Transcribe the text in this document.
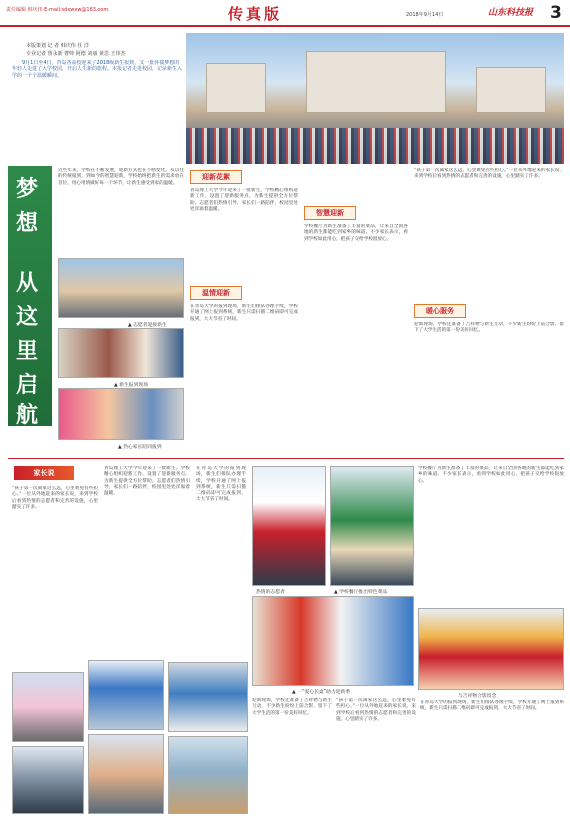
责任编辑 韩庆伟 E-mail:sdxwxw@163.com	传真版	2018年9月14日	山东科技报 3
本版策划 记 者 韩庆伟 任 洋
专业记者 鲁永新 曹帅 阿德 刘丽 黄思 王伟杰
9月1日至4日，青岛各高校迎来了2018级新生报到，又一批怀揣梦想的年轻人走进了大学校园，开启人生新的旅程。本报记者走进校园，记录新生入学的一个个温暖瞬间。
梦
想
从
这
里
启
航
近些年来，学校在不断发展，迎新方式也在不断变化。从以往的传统报到，到如今的智慧迎新，学校始终把新生的需求放在首位，用心用情做好每一个环节，让新生感受到家的温暖。
▲ 志愿者迎接新生
▲ 新生报到现场
▲ 热心家长陪同报到
迎新花絮
青岛理工大学今年迎来了一批新生。学校精心组织迎新工作，设置了迎新服务点，为新生提供全方位帮助。志愿者们热情引导，家长们一路陪伴，校园里处处洋溢着温暖。
温情迎新
在青岛大学的报到现场，新生们排队办理手续，学校开通了网上报到系统，新生只需扫描二维码即可完成报到，大大节省了时间。
智慧迎新
学校餐厅为新生准备了丰富的菜品，让来自全国各地的新生都能吃到家乡的味道。不少家长表示，看到学校如此用心，把孩子交给学校很放心。
“孩子第一次离家这么远，心里难免有些担心。”一位从外地赶来的家长说，来到学校后看到热情的志愿者和完善的设施，心里踏实了许多。
暖心服务
迎新现场，学校还准备了吉祥物与新生互动，不少新生纷纷上前合影，留下了大学生活的第一份美好回忆。
家长说
“孩子第一次离家这么远，心里难免有些担心。”一位从外地赶来的家长说，来到学校后看到热情的志愿者和完善的设施，心里踏实了许多。
青岛理工大学今年迎来了一批新生。学校精心组织迎新工作，设置了迎新服务点，为新生提供全方位帮助。志愿者们热情引导，家长们一路陪伴，校园里处处洋溢着温暖。
在青岛大学的报到现场，新生们排队办理手续，学校开通了网上报到系统，新生只需扫描二维码即可完成报到，大大节省了时间。
热情的志愿者	▲ 学校餐厅推出特色菜品
▲ 一“爱心长桌”助力迎新季
学校餐厅为新生准备了丰富的菜品，让来自全国各地的新生都能吃到家乡的味道。不少家长表示，看到学校如此用心，把孩子交给学校很放心。
与吉祥物合影留念
迎新现场，学校还准备了吉祥物与新生互动，不少新生纷纷上前合影，留下了大学生活的第一份美好回忆。
“孩子第一次离家这么远，心里难免有些担心。”一位从外地赶来的家长说，来到学校后看到热情的志愿者和完善的设施，心里踏实了许多。
在青岛大学的报到现场，新生们排队办理手续，学校开通了网上报到系统，新生只需扫描二维码即可完成报到，大大节省了时间。
